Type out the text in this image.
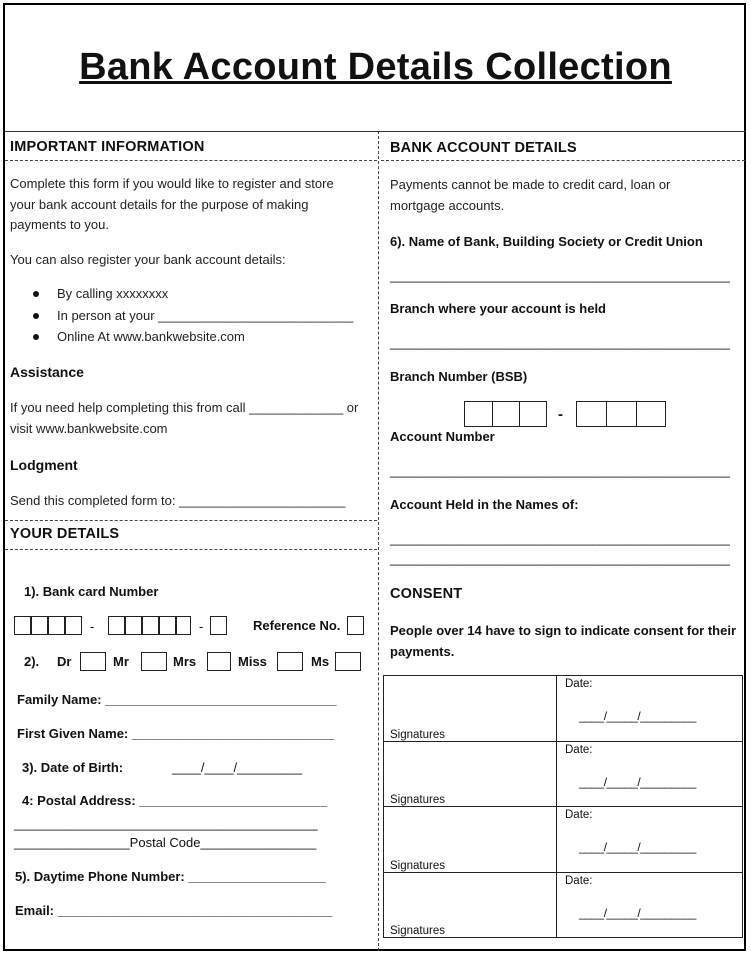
Bank Account Details Collection
IMPORTANT INFORMATION
Complete this form if you would like to register and store your bank account details for the purpose of making payments to you.
You can also register your bank account details:
By calling xxxxxxxx
In person at your ___________________________
Online At www.bankwebsite.com
Assistance
If you need help completing this from call _____________ or visit www.bankwebsite.com
Lodgment
Send this completed form to: _______________________
YOUR DETAILS
1). Bank card Number
-	-	Reference No.
2). Dr	Mr	Mrs	Miss	Ms
Family Name: ________________________________
First Given Name: ____________________________
3). Date of Birth:	____/____/_________
4: Postal Address: __________________________
__________________________________________
________________Postal Code________________
5). Daytime Phone Number: ___________________
Email: ______________________________________
BANK ACCOUNT DETAILS
Payments cannot be made to credit card, loan or mortgage accounts.
6). Name of Bank, Building Society or Credit Union
_______________________________________________
Branch where your account is held
_______________________________________________
Branch Number (BSB)
-
Account Number
_______________________________________________
Account Held in the Names of:
_______________________________________________
_______________________________________________
CONSENT
People over 14 have to sign to indicate consent for their payments.
Signatures	Date:
____/_____/_________

Signatures	Date:
____/_____/_________

Signatures	Date:
____/_____/_________

Signatures	Date:
____/_____/_________
